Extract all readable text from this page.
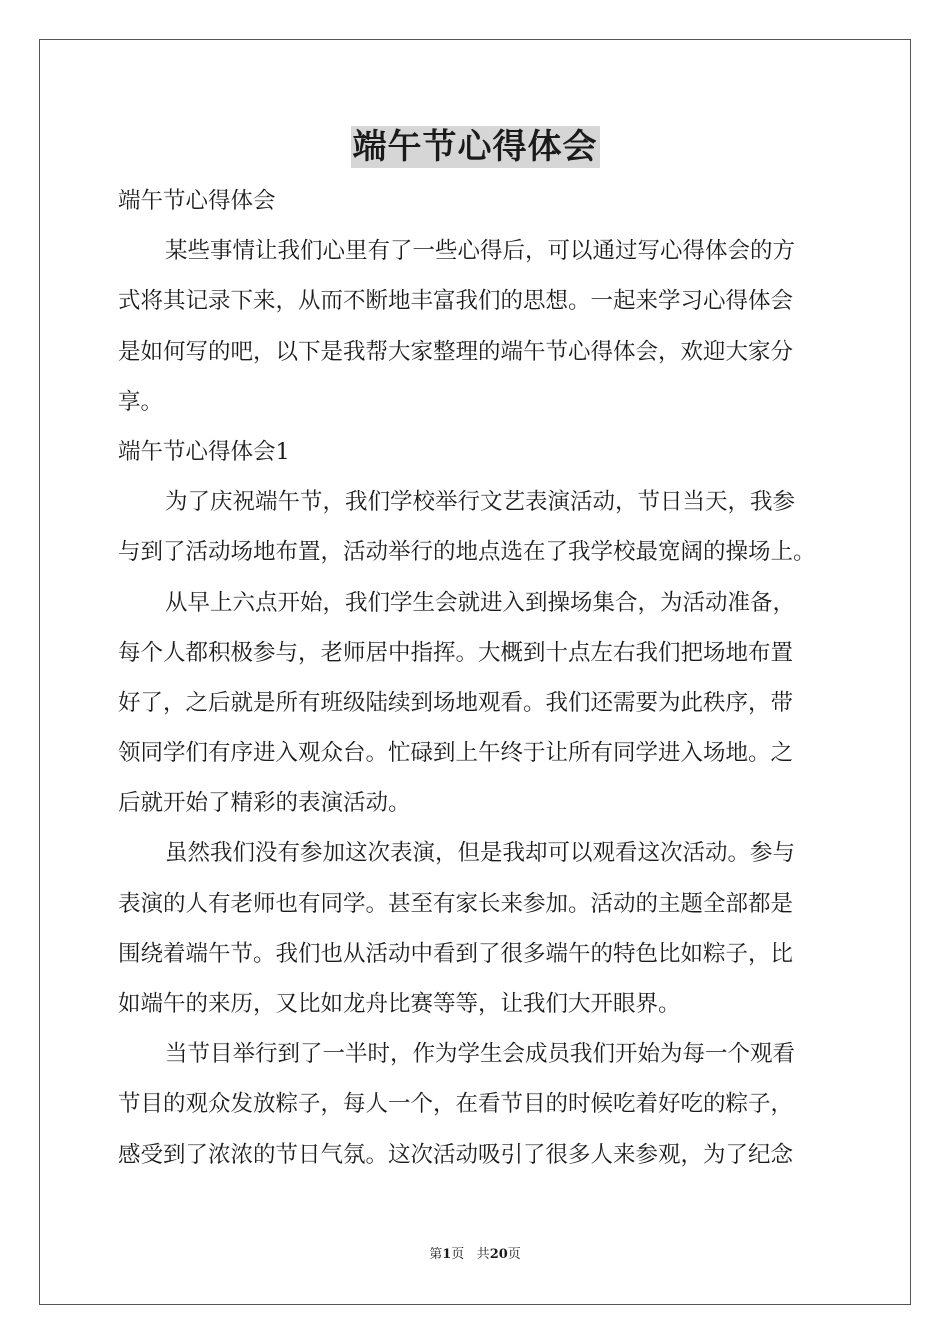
端午节心得体会
端午节心得体会
某些事情让我们心里有了一些心得后，可以通过写心得体会的方
式将其记录下来，从而不断地丰富我们的思想。一起来学习心得体会
是如何写的吧，以下是我帮大家整理的端午节心得体会，欢迎大家分
享。
端午节心得体会1
为了庆祝端午节，我们学校举行文艺表演活动，节日当天，我参
与到了活动场地布置，活动举行的地点选在了我学校最宽阔的操场上。
从早上六点开始，我们学生会就进入到操场集合，为活动准备，
每个人都积极参与，老师居中指挥。大概到十点左右我们把场地布置
好了，之后就是所有班级陆续到场地观看。我们还需要为此秩序，带
领同学们有序进入观众台。忙碌到上午终于让所有同学进入场地。之
后就开始了精彩的表演活动。
虽然我们没有参加这次表演，但是我却可以观看这次活动。参与
表演的人有老师也有同学。甚至有家长来参加。活动的主题全部都是
围绕着端午节。我们也从活动中看到了很多端午的特色比如粽子，比
如端午的来历，又比如龙舟比赛等等，让我们大开眼界。
当节目举行到了一半时，作为学生会成员我们开始为每一个观看
节目的观众发放粽子，每人一个，在看节目的时候吃着好吃的粽子，
感受到了浓浓的节日气氛。这次活动吸引了很多人来参观，为了纪念
第1页 共20页
